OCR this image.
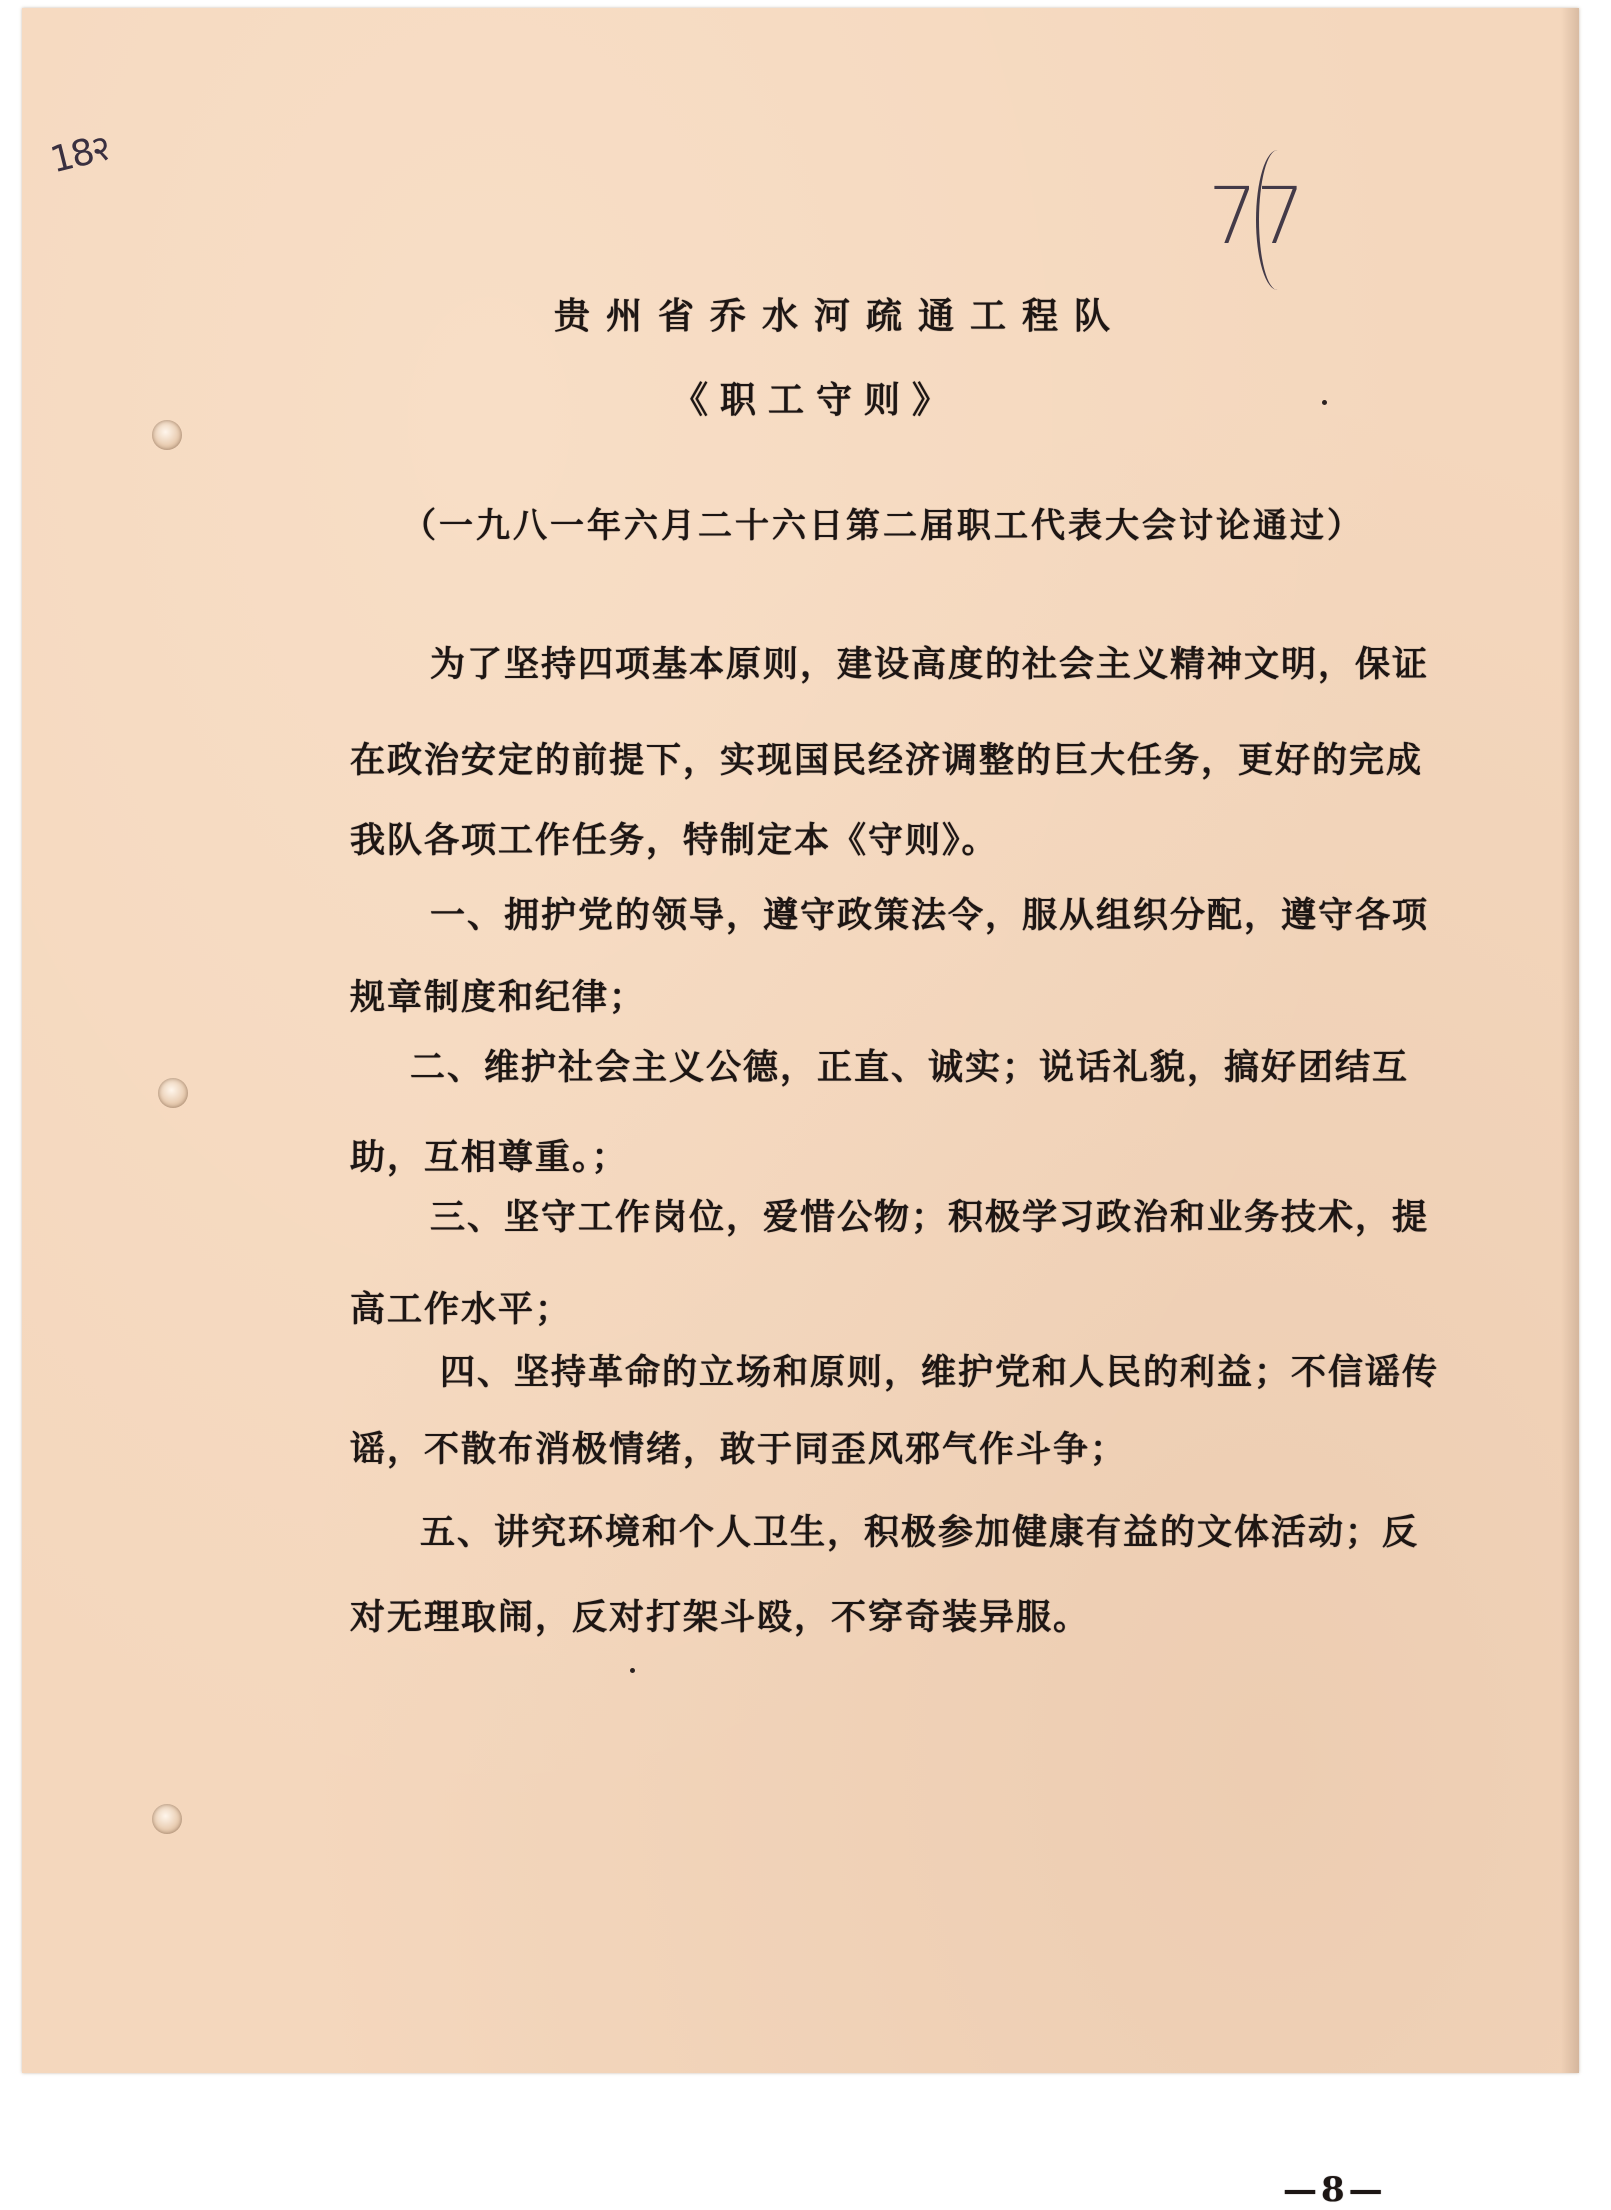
18२
77
贵州省乔水河疏通工程队
《职工守则》
（一九八一年六月二十六日第二届职工代表大会讨论通过）
为了坚持四项基本原则，建设高度的社会主义精神文明，保证
在政治安定的前提下，实现国民经济调整的巨大任务，更好的完成
我队各项工作任务，特制定本《守则》。
一、拥护党的领导，遵守政策法令，服从组织分配，遵守各项
规章制度和纪律；
二、维护社会主义公德，正直、诚实；说话礼貌，搞好团结互
助，互相尊重。；
三、坚守工作岗位，爱惜公物；积极学习政治和业务技术，提
高工作水平；
四、坚持革命的立场和原则，维护党和人民的利益；不信谣传
谣，不散布消极情绪，敢于同歪风邪气作斗争；
五、讲究环境和个人卫生，积极参加健康有益的文体活动；反
对无理取闹，反对打架斗殴，不穿奇装异服。
—8—
